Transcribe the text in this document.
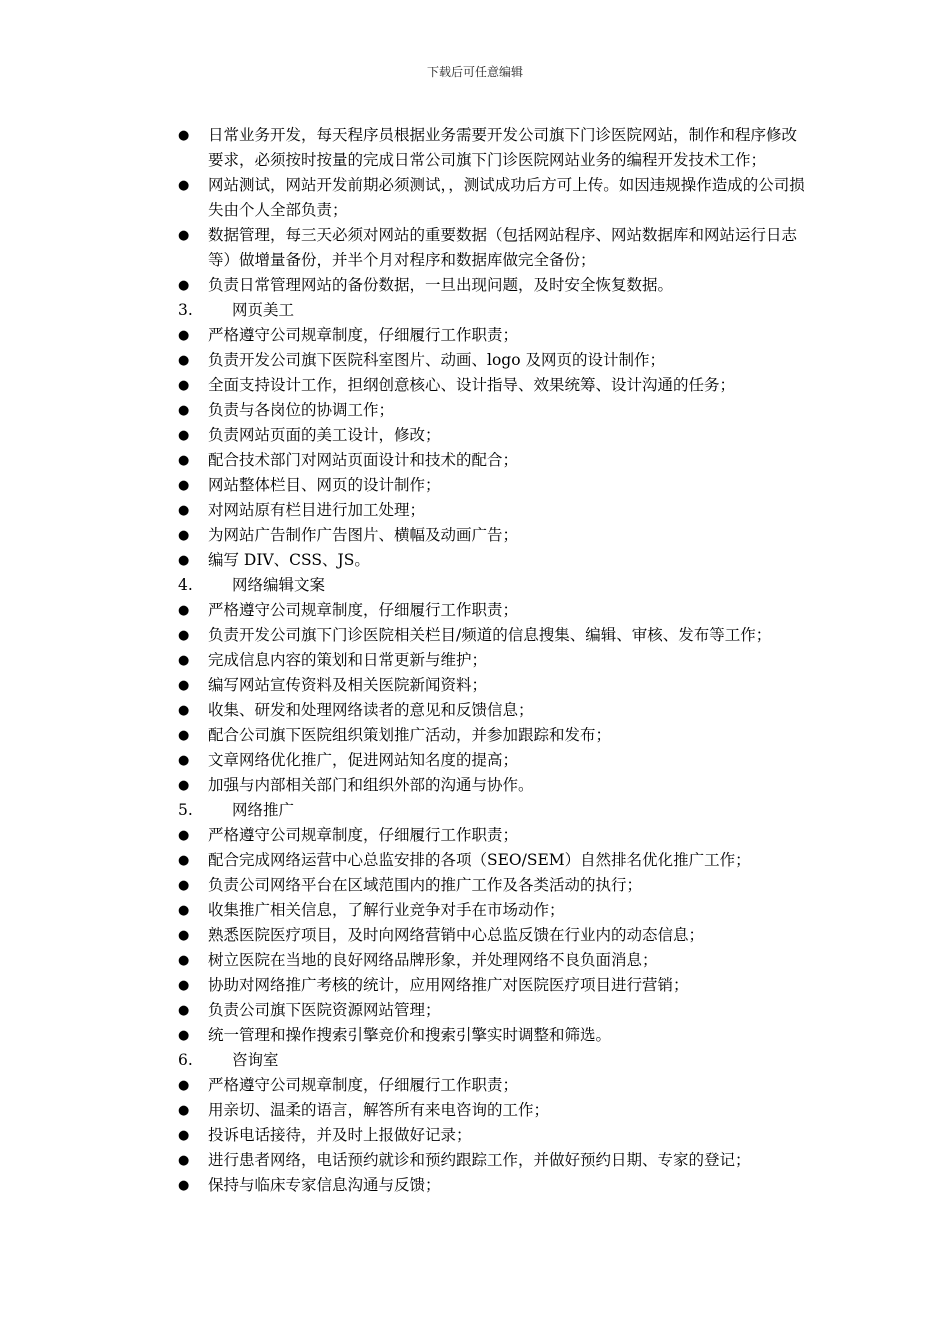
下载后可任意编辑
● 日常业务开发，每天程序员根据业务需要开发公司旗下门诊医院网站，制作和程序修改要求，必须按时按量的完成日常公司旗下门诊医院网站业务的编程开发技术工作；
● 网站测试，网站开发前期必须测试，，测试成功后方可上传。如因违规操作造成的公司损失由个人全部负责；
● 数据管理，每三天必须对网站的重要数据（包括网站程序、网站数据库和网站运行日志等）做增量备份，并半个月对程序和数据库做完全备份；
● 负责日常管理网站的备份数据，一旦出现问题，及时安全恢复数据。
3.	网页美工
● 严格遵守公司规章制度，仔细履行工作职责；
● 负责开发公司旗下医院科室图片、动画、logo 及网页的设计制作；
● 全面支持设计工作，担纲创意核心、设计指导、效果统筹、设计沟通的任务；
● 负责与各岗位的协调工作；
● 负责网站页面的美工设计，修改；
● 配合技术部门对网站页面设计和技术的配合；
● 网站整体栏目、网页的设计制作；
● 对网站原有栏目进行加工处理；
● 为网站广告制作广告图片、横幅及动画广告；
● 编写 DIV、CSS、JS。
4.	网络编辑文案
● 严格遵守公司规章制度，仔细履行工作职责；
● 负责开发公司旗下门诊医院相关栏目/频道的信息搜集、编辑、审核、发布等工作；
● 完成信息内容的策划和日常更新与维护；
● 编写网站宣传资料及相关医院新闻资料；
● 收集、研发和处理网络读者的意见和反馈信息；
● 配合公司旗下医院组织策划推广活动，并参加跟踪和发布；
● 文章网络优化推广，促进网站知名度的提高；
● 加强与内部相关部门和组织外部的沟通与协作。
5.	网络推广
● 严格遵守公司规章制度，仔细履行工作职责；
● 配合完成网络运营中心总监安排的各项（SEO/SEM）自然排名优化推广工作；
● 负责公司网络平台在区域范围内的推广工作及各类活动的执行；
● 收集推广相关信息，了解行业竞争对手在市场动作；
● 熟悉医院医疗项目，及时向网络营销中心总监反馈在行业内的动态信息；
● 树立医院在当地的良好网络品牌形象，并处理网络不良负面消息；
● 协助对网络推广考核的统计，应用网络推广对医院医疗项目进行营销；
● 负责公司旗下医院资源网站管理；
● 统一管理和操作搜索引擎竞价和搜索引擎实时调整和筛选。
6.	咨询室
● 严格遵守公司规章制度，仔细履行工作职责；
● 用亲切、温柔的语言，解答所有来电咨询的工作；
● 投诉电话接待，并及时上报做好记录；
● 进行患者网络，电话预约就诊和预约跟踪工作，并做好预约日期、专家的登记；
● 保持与临床专家信息沟通与反馈；
